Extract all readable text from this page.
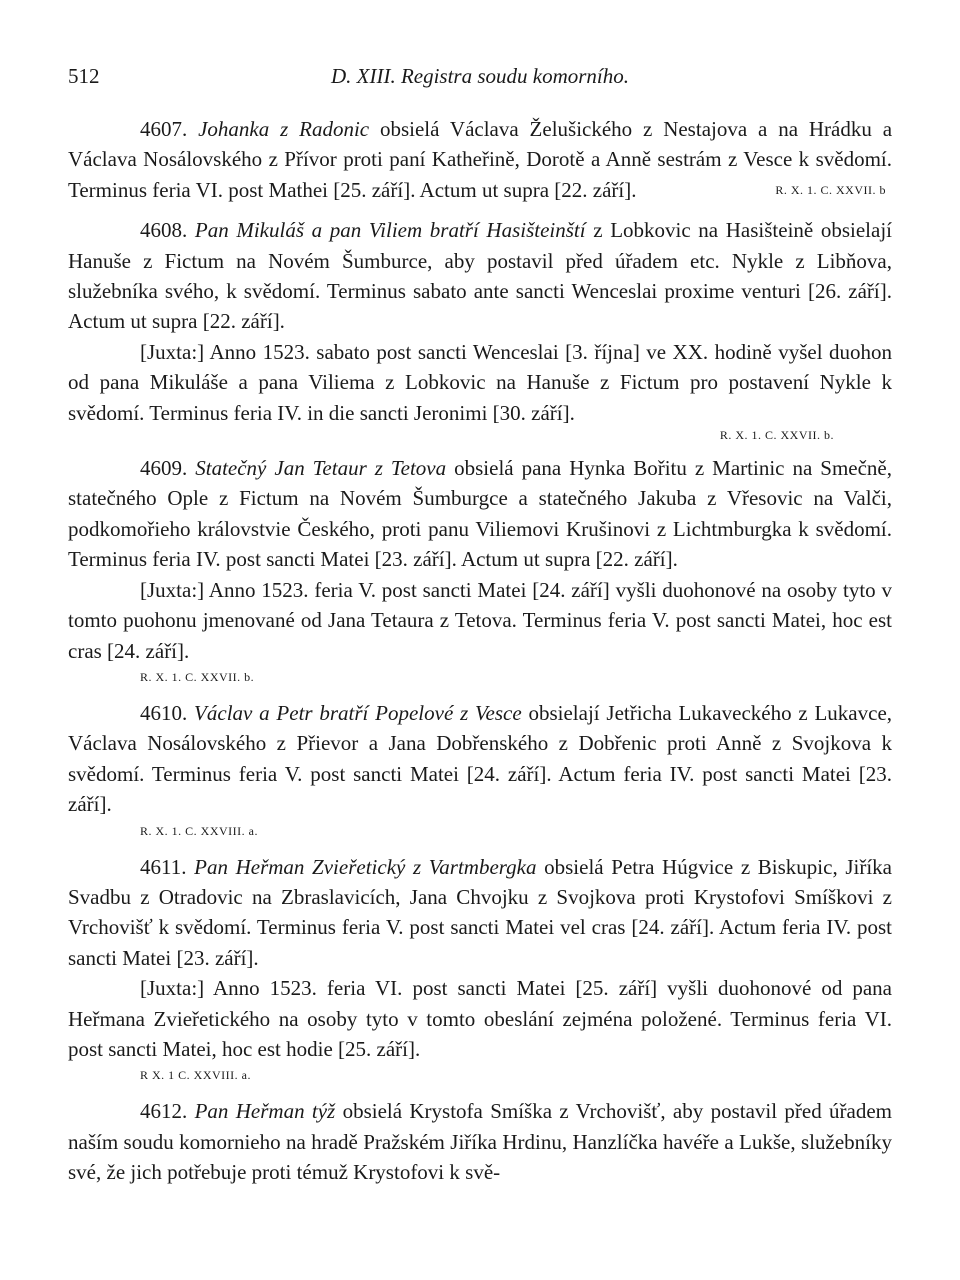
512	D. XIII. Registra soudu komorního.

4607. Johanka z Radonic obsielá Václava Želušického z Nestajova a na Hrádku a Václava Nosálovského z Přívor proti paní Katheřině, Dorotě a Anně sestrám z Vesce k svědomí. Terminus feria VI. post Mathei [25. září]. Actum ut supra [22. září].	R. X. 1. C. XXVII. b

4608. Pan Mikuláš a pan Viliem bratří Hasišteinští z Lobkovic na Hasišteině obsielají Hanuše z Fictum na Novém Šumburce, aby postavil před úřadem etc. Nykle z Libňova, služebníka svého, k svědomí. Terminus sabato ante sancti Wenceslai proxime venturi [26. září]. Actum ut supra [22. září].

[Juxta:] Anno 1523. sabato post sancti Wenceslai [3. října] ve XX. hodině vyšel duohon od pana Mikuláše a pana Viliema z Lobkovic na Hanuše z Fictum pro postavení Nykle k svědomí. Terminus feria IV. in die sancti Jeronimi [30. září].

R. X. 1. C. XXVII. b.

4609. Statečný Jan Tetaur z Tetova obsielá pana Hynka Bořitu z Martinic na Smečně, statečného Ople z Fictum na Novém Šumburgce a statečného Jakuba z Vřesovic na Valči, podkomořieho královstvie Českého, proti panu Viliemovi Krušinovi z Lichtmburgka k svědomí. Terminus feria IV. post sancti Matei [23. září]. Actum ut supra [22. září].

[Juxta:] Anno 1523. feria V. post sancti Matei [24. září] vyšli duohonové na osoby tyto v tomto puohonu jmenované od Jana Tetaura z Tetova. Terminus feria V. post sancti Matei, hoc est cras [24. září].

R. X. 1. C. XXVII. b.

4610. Václav a Petr bratří Popelové z Vesce obsielají Jetřicha Lukaveckého z Lukavce, Václava Nosálovského z Přievor a Jana Dobřenského z Dobřenic proti Anně z Svojkova k svědomí. Terminus feria V. post sancti Matei [24. září]. Actum feria IV. post sancti Matei [23. září].

R. X. 1. C. XXVIII. a.

4611. Pan Heřman Zvieřetický z Vartmbergka obsielá Petra Húgvice z Biskupic, Jiříka Svadbu z Otradovic na Zbraslavicích, Jana Chvojku z Svojkova proti Krystofovi Smíškovi z Vrchovišť k svědomí. Terminus feria V. post sancti Matei vel cras [24. září]. Actum feria IV. post sancti Matei [23. září].

[Juxta:] Anno 1523. feria VI. post sancti Matei [25. září] vyšli duohonové od pana Heřmana Zvieřetického na osoby tyto v tomto obeslání zejména položené. Terminus feria VI. post sancti Matei, hoc est hodie [25. září].

R X. 1 C. XXVIII. a.

4612. Pan Heřman týž obsielá Krystofa Smíška z Vrchovišť, aby postavil před úřadem naším soudu komornieho na hradě Pražském Jiříka Hrdinu, Hanzlíčka havéře a Lukše, služebníky své, že jich potřebuje proti témuž Krystofovi k svě-
